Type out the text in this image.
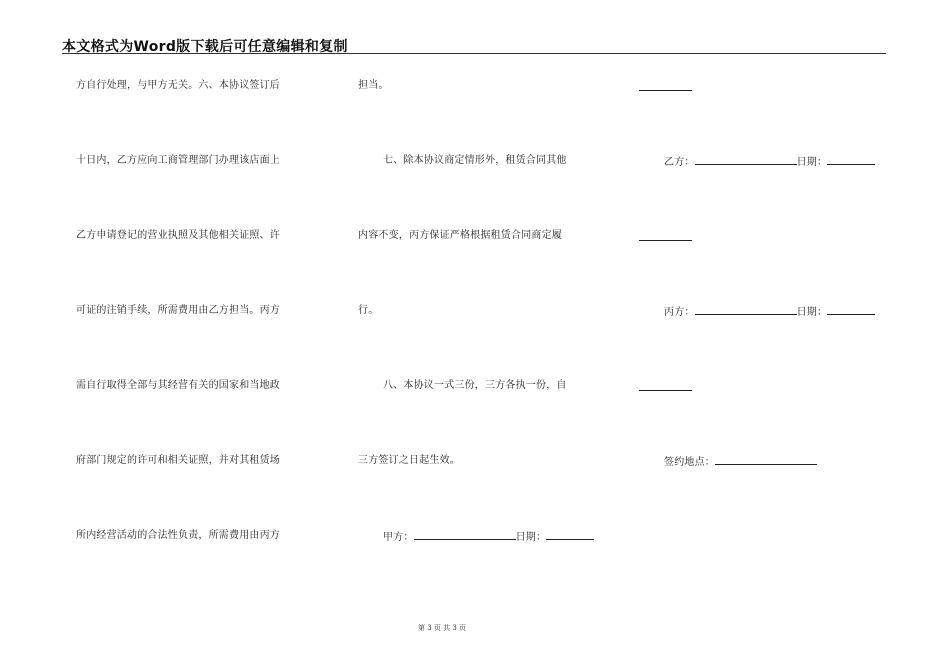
本文格式为Word版下载后可任意编辑和复制
方自行处理，与甲方无关。六、本协议签订后
十日内，乙方应向工商管理部门办理该店面上
乙方申请登记的营业执照及其他相关证照、许
可证的注销手续，所需费用由乙方担当。丙方
需自行取得全部与其经营有关的国家和当地政
府部门规定的许可和相关证照，并对其租赁场
所内经营活动的合法性负责，所需费用由丙方
担当。
七、除本协议商定情形外，租赁合同其他
内容不变，丙方保证严格根据租赁合同商定履
行。
八、本协议一式三份，三方各执一份，自
三方签订之日起生效。
甲方：	日期：
乙方：	日期：
丙方：	日期：
签约地点：
第 3 页 共 3 页
